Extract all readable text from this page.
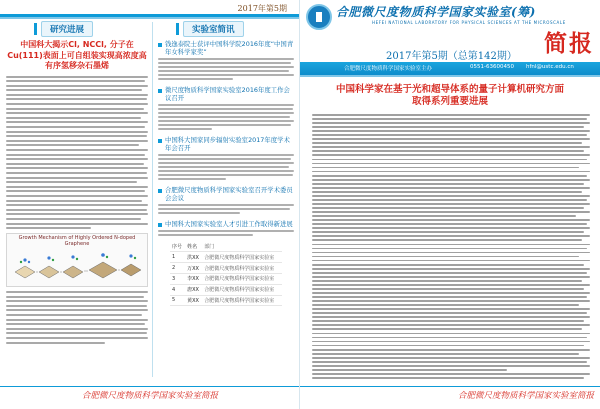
2017年第5期
研究进展	实验室简讯
中国科大揭示Cl, NCCl, 分子在Cu(111)表面上可自组装实现高浓度高有序氢移杂石墨烯
Growth Mechanism of Highly Ordered N-doped Graphene
钱逸泰院士获评中国科学院2016年度“中国青年女科学家奖”
微尺度物质科学国家实验室2016年度工作会议召开
中国科大国家同步辐射实验室2017年度学术年会召开
合肥微尺度物质科学国家实验室召开学术委员会会议
中国科大国家实验室人才引进工作取得新进展
序号	姓名	部门
1	洪XX	合肥微尺度物质科学国家实验室
2	万XX	合肥微尺度物质科学国家实验室
3	李XX	合肥微尺度物质科学国家实验室
4	唐XX	合肥微尺度物质科学国家实验室
5	黄XX	合肥微尺度物质科学国家实验室
合肥微尺度物质科学国家实验室简报
合肥微尺度物质科学国家实验室(筹)
HEFEI NATIONAL LABORATORY FOR PHYSICAL SCIENCES AT THE MICROSCALE
2017年第5期（总第142期） 简报
合肥微尺度物质科学国家实验室主办	0551-63600450 hfnl@ustc.edu.cn
中国科学家在基于光和超导体系的量子计算机研究方面
取得系列重要进展
合肥微尺度物质科学国家实验室简报
